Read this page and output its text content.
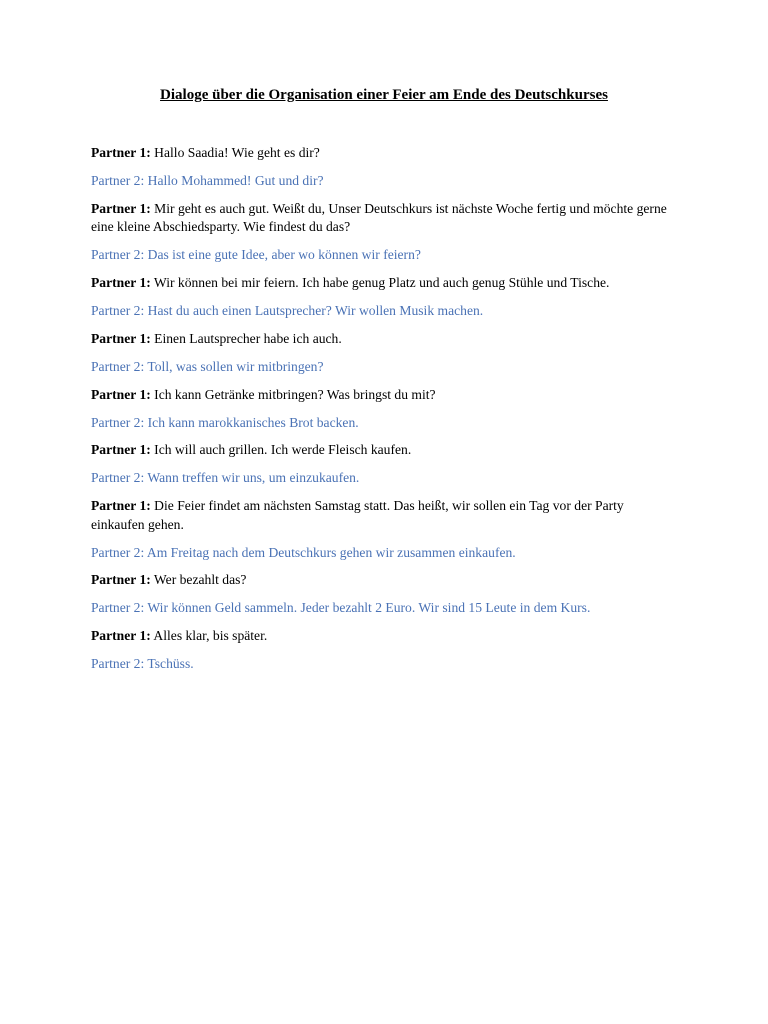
Dialoge über die Organisation einer Feier am Ende des Deutschkurses

Partner 1: Hallo Saadia! Wie geht es dir?

Partner 2: Hallo Mohammed! Gut und dir?

Partner 1: Mir geht es auch gut. Weißt du, Unser Deutschkurs ist nächste Woche fertig und möchte gerne eine kleine Abschiedsparty. Wie findest du das?

Partner 2: Das ist eine gute Idee, aber wo können wir feiern?

Partner 1: Wir können bei mir feiern. Ich habe genug Platz und auch genug Stühle und Tische.

Partner 2: Hast du auch einen Lautsprecher? Wir wollen Musik machen.

Partner 1: Einen Lautsprecher habe ich auch.

Partner 2: Toll, was sollen wir mitbringen?

Partner 1: Ich kann Getränke mitbringen? Was bringst du mit?

Partner 2: Ich kann marokkanisches Brot backen.

Partner 1: Ich will auch grillen. Ich werde Fleisch kaufen.

Partner 2: Wann treffen wir uns, um einzukaufen.

Partner 1: Die Feier findet am nächsten Samstag statt. Das heißt, wir sollen ein Tag vor der Party einkaufen gehen.

Partner 2: Am Freitag nach dem Deutschkurs gehen wir zusammen einkaufen.

Partner 1: Wer bezahlt das?

Partner 2: Wir können Geld sammeln. Jeder bezahlt 2 Euro. Wir sind 15 Leute in dem Kurs.

Partner 1: Alles klar, bis später.

Partner 2: Tschüss.
